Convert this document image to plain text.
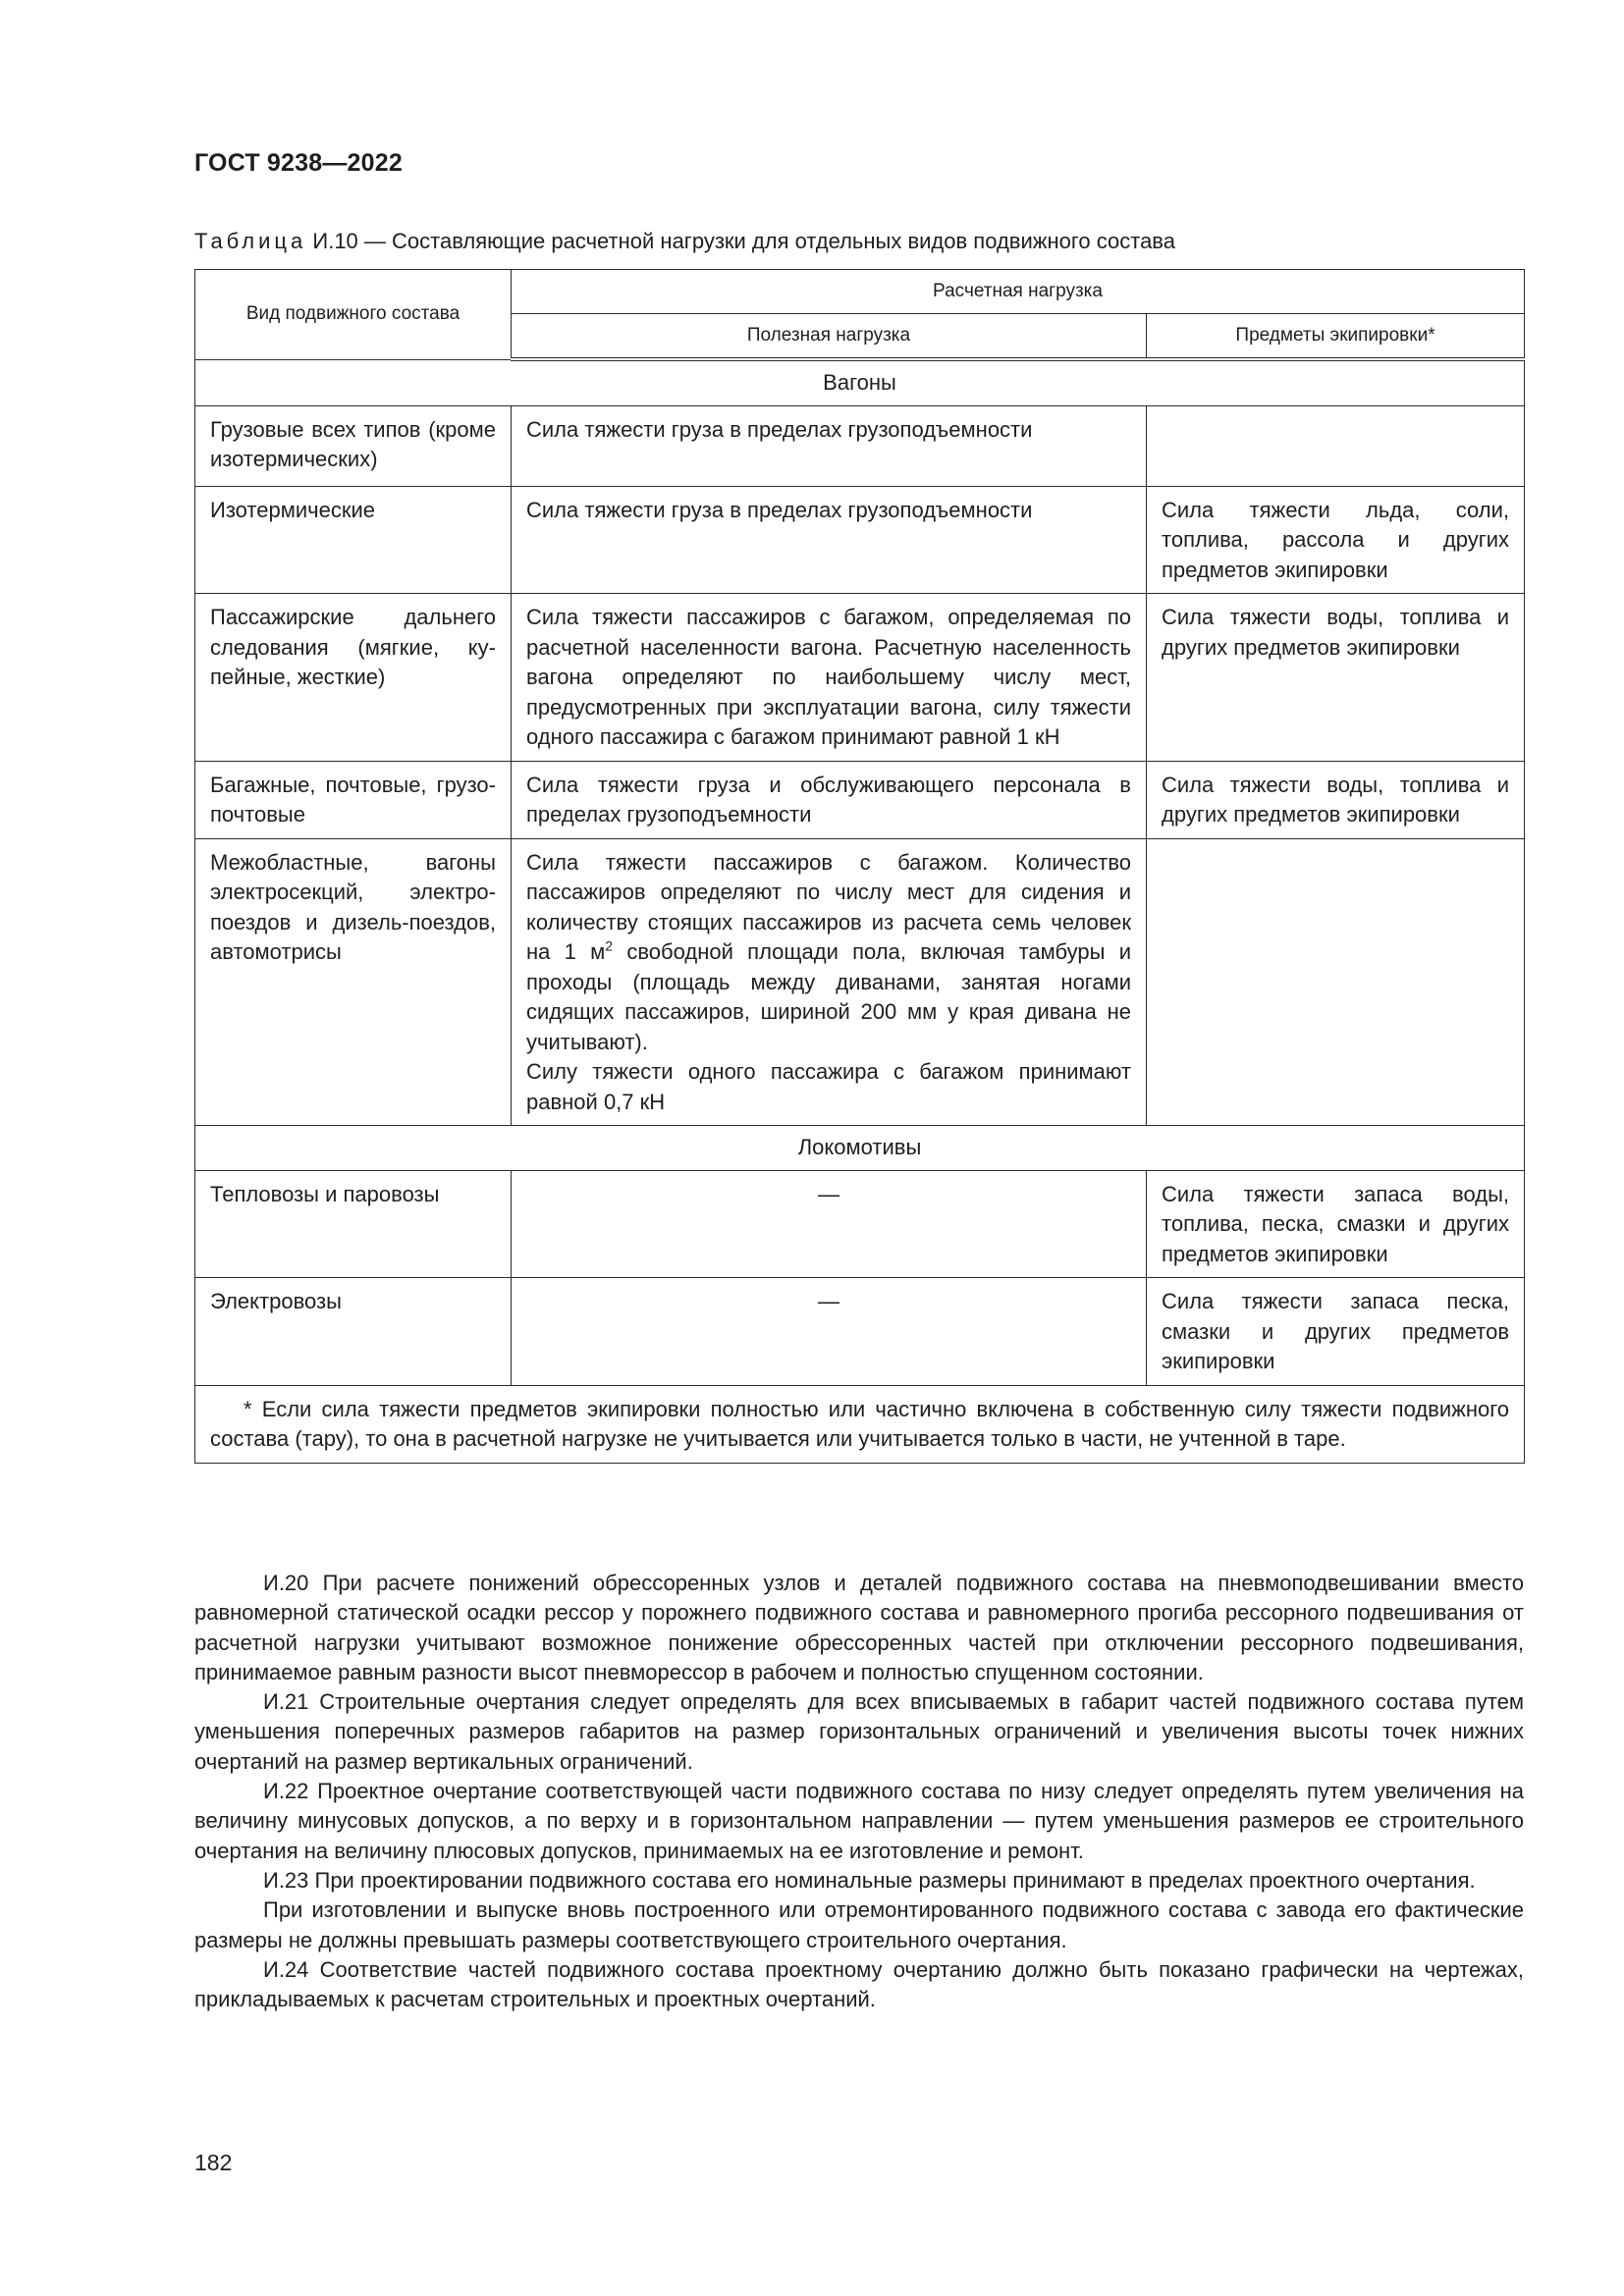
ГОСТ 9238—2022
Таблица И.10 — Составляющие расчетной нагрузки для отдельных видов подвижного состава
Вид подвижного состава	Расчетная нагрузка	
	Полезная нагрузка	Предметы экипировки*
Вагоны		
Грузовые всех типов (кроме изотермических)	Сила тяжести груза в пределах грузоподъемности	
Изотермические	Сила тяжести груза в пределах грузоподъемности	Сила тяжести льда, соли, топлива, рассола и других предметов экипировки
Пассажирские дальнего следования (мягкие, купейные, жесткие)	Сила тяжести пассажиров с багажом, определяемая по расчетной населенности вагона. Расчетную населенность вагона определяют по наибольшему числу мест, предусмотренных при эксплуатации вагона, силу тяжести одного пассажира с багажом принимают равной 1 кН	Сила тяжести воды, топлива и других предметов экипировки
Багажные, почтовые, грузо-почтовые	Сила тяжести груза и обслуживающего персонала в пределах грузоподъемности	Сила тяжести воды, топлива и других предметов экипировки
Межобластные, вагоны электросекций, электропоездов и дизель-поездов, автомотрисы	Сила тяжести пассажиров с багажом. Количество пассажиров определяют по числу мест для сидения и количеству стоящих пассажиров из расчета семь человек на 1 $м^2$ свободной площади пола, включая тамбуры и проходы (площадь между диванами, занятая ногами сидящих пассажиров, шириной 200 мм у края дивана не учитывают).
Силу тяжести одного пассажира с багажом принимают равной 0,7 кН	
Локомотивы		
Тепловозы и паровозы	—	Сила тяжести запаса воды, топлива, песка, смазки и других предметов экипировки
Электровозы	—	Сила тяжести запаса песка, смазки и других предметов экипировки
* Если сила тяжести предметов экипировки полностью или частично включена в собственную силу тяжести подвижного состава (тару), то она в расчетной нагрузке не учитывается или учитывается только в части, не учтенной в таре.		

И.20 При расчете понижений обрессоренных узлов и деталей подвижного состава на пневмоподвешивании вместо равномерной статической осадки рессор у порожнего подвижного состава и равномерного прогиба рессорного подвешивания от расчетной нагрузки учитывают возможное понижение обрессоренных частей при отключении рессорного подвешивания, принимаемое равным разности высот пневморессор в рабочем и полностью спущенном состоянии.

И.21 Строительные очертания следует определять для всех вписываемых в габарит частей подвижного состава путем уменьшения поперечных размеров габаритов на размер горизонтальных ограничений и увеличения высоты точек нижних очертаний на размер вертикальных ограничений.

И.22 Проектное очертание соответствующей части подвижного состава по низу следует определять путем увеличения на величину минусовых допусков, а по верху и в горизонтальном направлении — путем уменьшения размеров ее строительного очертания на величину плюсовых допусков, принимаемых на ее изготовление и ремонт.

И.23 При проектировании подвижного состава его номинальные размеры принимают в пределах проектного очертания.

При изготовлении и выпуске вновь построенного или отремонтированного подвижного состава с завода его фактические размеры не должны превышать размеры соответствующего строительного очертания.

И.24 Соответствие частей подвижного состава проектному очертанию должно быть показано графически на чертежах, прикладываемых к расчетам строительных и проектных очертаний.

182
